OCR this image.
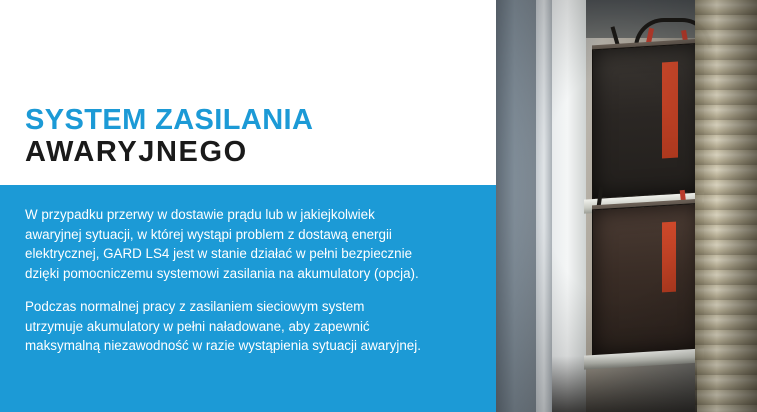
SYSTEM ZASILANIA
AWARYJNEGO

W przypadku przerwy w dostawie prądu lub w jakiejkolwiek awaryjnej sytuacji, w której wystąpi problem z dostawą energii elektrycznej, GARD LS4 jest w stanie działać w pełni bezpiecznie dzięki pomocniczemu systemowi zasilania na akumulatory (opcja).

Podczas normalnej pracy z zasilaniem sieciowym system utrzymuje akumulatory w pełni naładowane, aby zapewnić maksymalną niezawodność w razie wystąpienia sytuacji awaryjnej.
